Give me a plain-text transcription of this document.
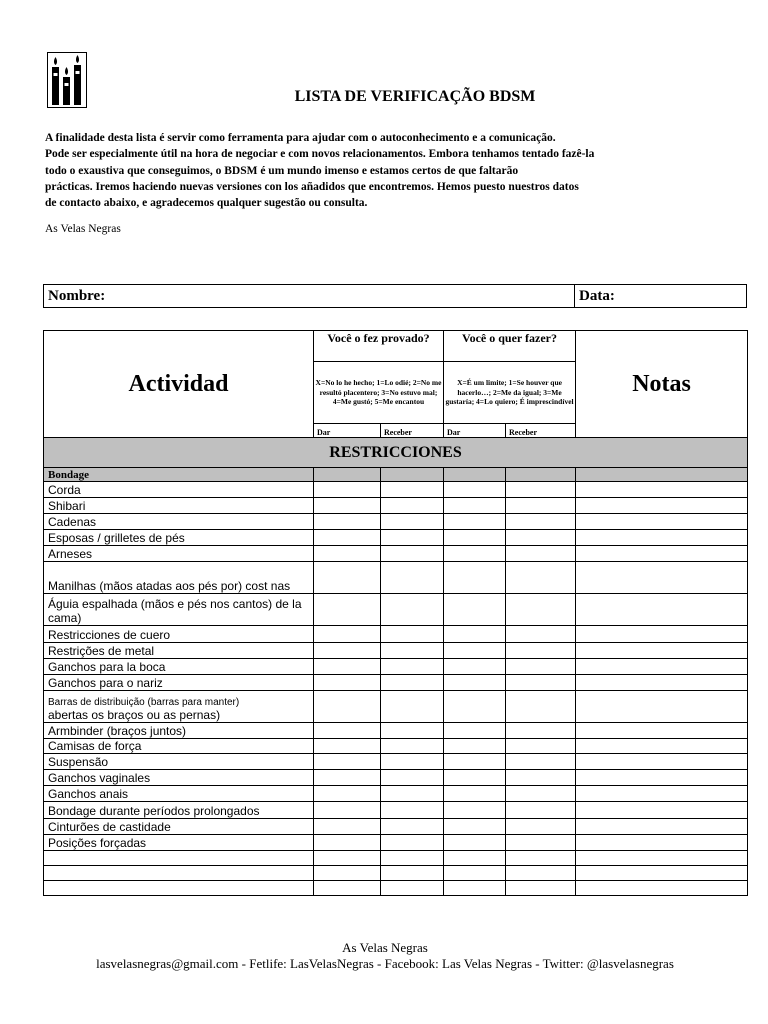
LISTA DE VERIFICAÇÃO BDSM

A finalidade desta lista é servir como ferramenta para ajudar com o autoconhecimento e a comunicação.

Pode ser especialmente útil na hora de negociar e com novos relacionamentos. Embora tenhamos tentado fazê-la

todo o exaustiva que conseguimos, o BDSM é um mundo imenso e estamos certos de que faltarão

prácticas. Iremos haciendo nuevas versiones con los añadidos que encontremos. Hemos puesto nuestros datos

de contacto abaixo, e agradecemos qualquer sugestão ou consulta.

As Velas Negras
Nombre:	Data:
Actividad	Você o fez provado?		Você o quer fazer?		Notas
	X=No lo he hecho; 1=Lo odié; 2=No me resultó placentero; 3=No estuvo mal; 4=Me gustó; 5=Me encantou		X=É um limite; 1=Se houver que hacerlo…; 2=Me da igual; 3=Me gustaría; 4=Lo quiero; É imprescindível		
	Dar	Receber	Dar	Receber	
RESTRICCIONES					
Bondage					
Corda					
Shibari					
Cadenas					
Esposas / grilletes de pés					
Arneses					
Manilhas (mãos atadas aos pés por) cost nas					
Águia espalhada (mãos e pés nos cantos) de la cama)					
Restricciones de cuero					
Restrições de metal					
Ganchos para la boca					
Ganchos para o nariz					

Barras de distribuição (barras para manter)
abertas os braços ou as pernas)					

Armbinder (braços juntos)					
Camisas de força					
Suspensão					
Ganchos vaginales					
Ganchos anais					
Bondage durante períodos prolongados					
Cinturões de castidade					
Posições forçadas					

As Velas Negras
lasvelasnegras@gmail.com - Fetlife: LasVelasNegras - Facebook: Las Velas Negras - Twitter: @lasvelasnegras
